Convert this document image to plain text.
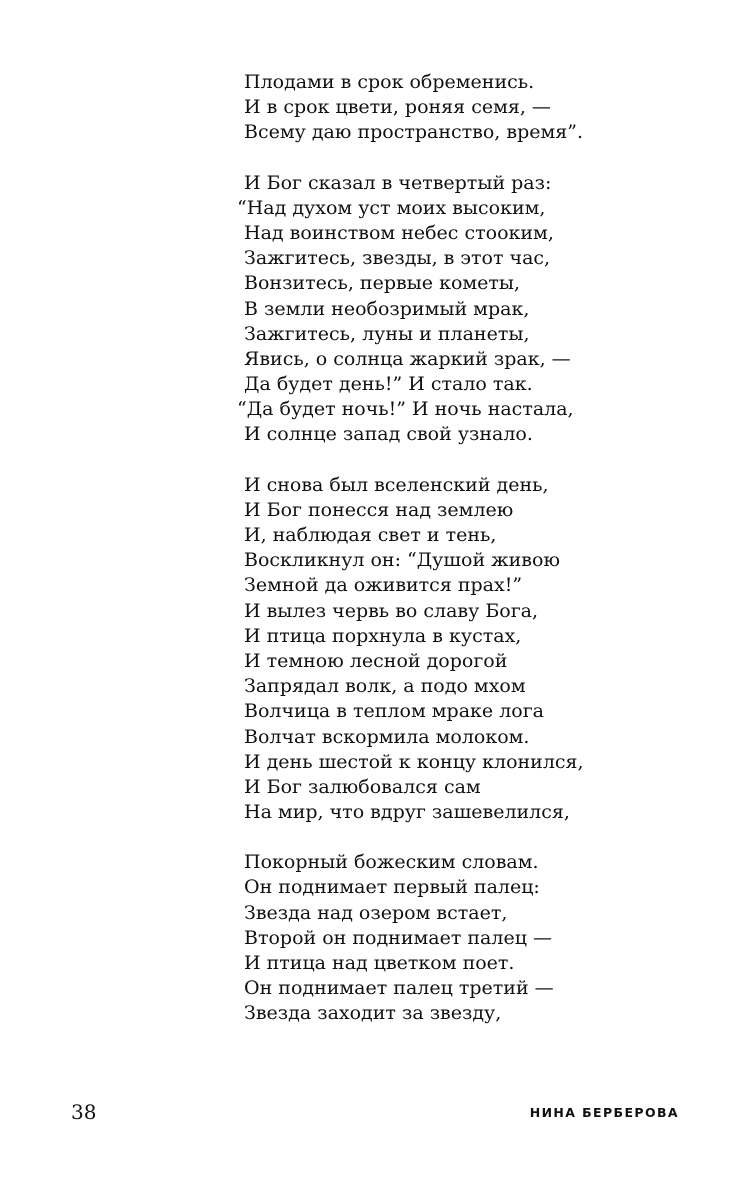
Плодами в срок обременись.
И в срок цвети, роняя семя, —
Всему даю пространство, время”.
И Бог сказал в четвертый раз:
“Над духом уст моих высоким,
Над воинством небес стооким,
Зажгитесь, звезды, в этот час,
Вонзитесь, первые кометы,
В земли необозримый мрак,
Зажгитесь, луны и планеты,
Явись, о солнца жаркий зрак, —
Да будет день!” И стало так.
“Да будет ночь!” И ночь настала,
И солнце запад свой узнало.
И снова был вселенский день,
И Бог понесся над землею
И, наблюдая свет и тень,
Воскликнул он: “Душой живою
Земной да оживится прах!”
И вылез червь во славу Бога,
И птица порхнула в кустах,
И темною лесной дорогой
Запрядал волк, а подо мхом
Волчица в теплом мраке лога
Волчат вскормила молоком.
И день шестой к концу клонился,
И Бог залюбовался сам
На мир, что вдруг зашевелился,
Покорный божеским словам.
Он поднимает первый палец:
Звезда над озером встает,
Второй он поднимает палец —
И птица над цветком поет.
Он поднимает палец третий —
Звезда заходит за звезду,
38	НИНА БЕРБЕРОВА
